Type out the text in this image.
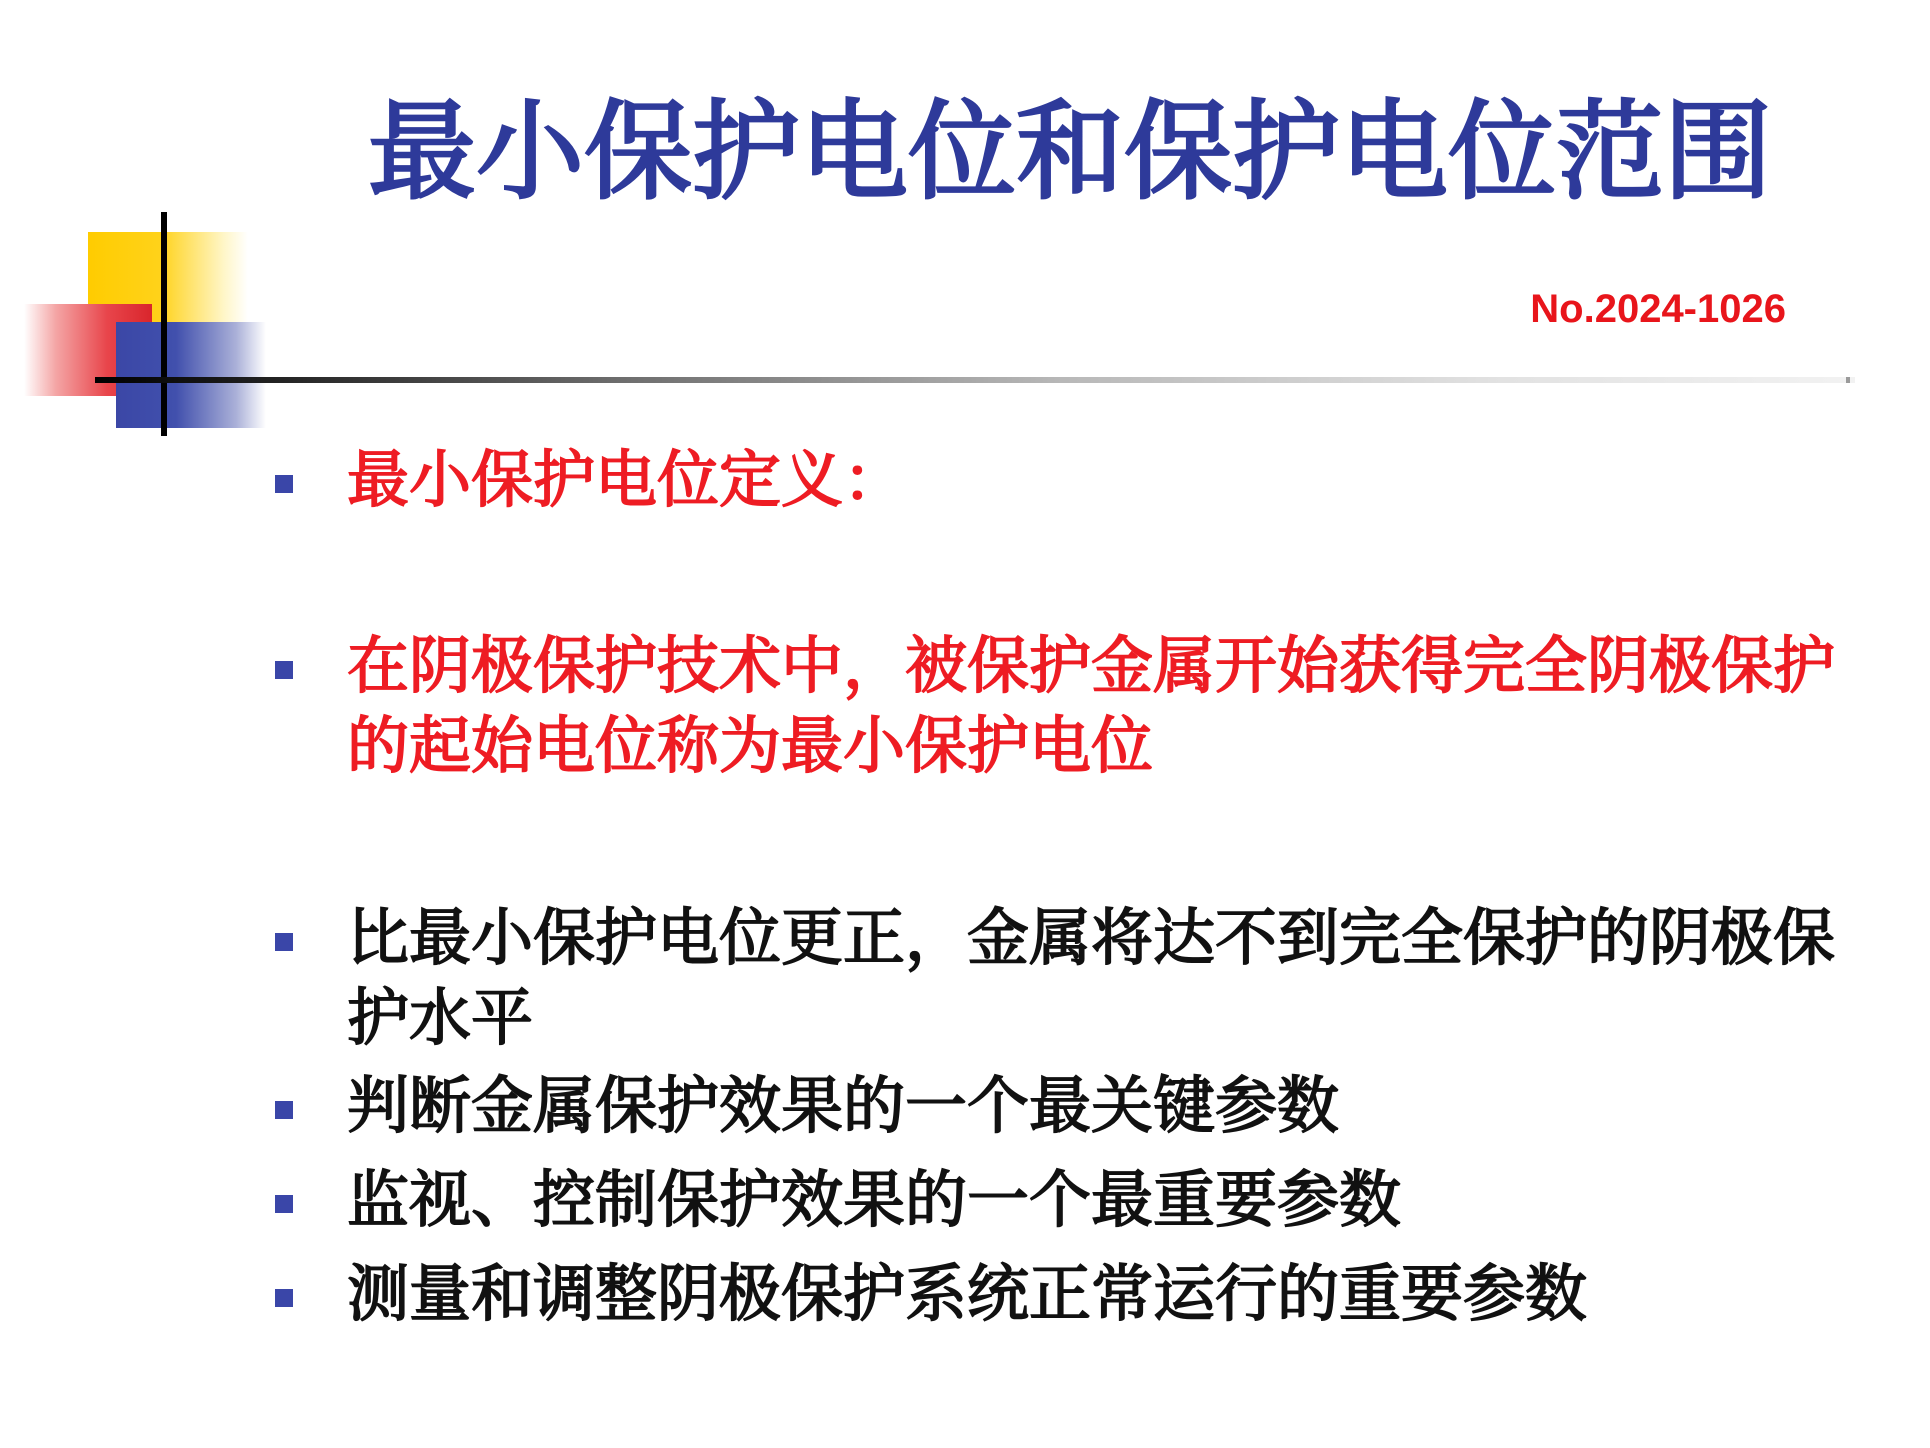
最小保护电位和保护电位范围
No.2024-1026
最小保护电位定义：
在阴极保护技术中，被保护金属开始获得完全阴极保护的起始电位称为最小保护电位
比最小保护电位更正，金属将达不到完全保护的阴极保护水平
判断金属保护效果的一个最关键参数
监视、控制保护效果的一个最重要参数
测量和调整阴极保护系统正常运行的重要参数
